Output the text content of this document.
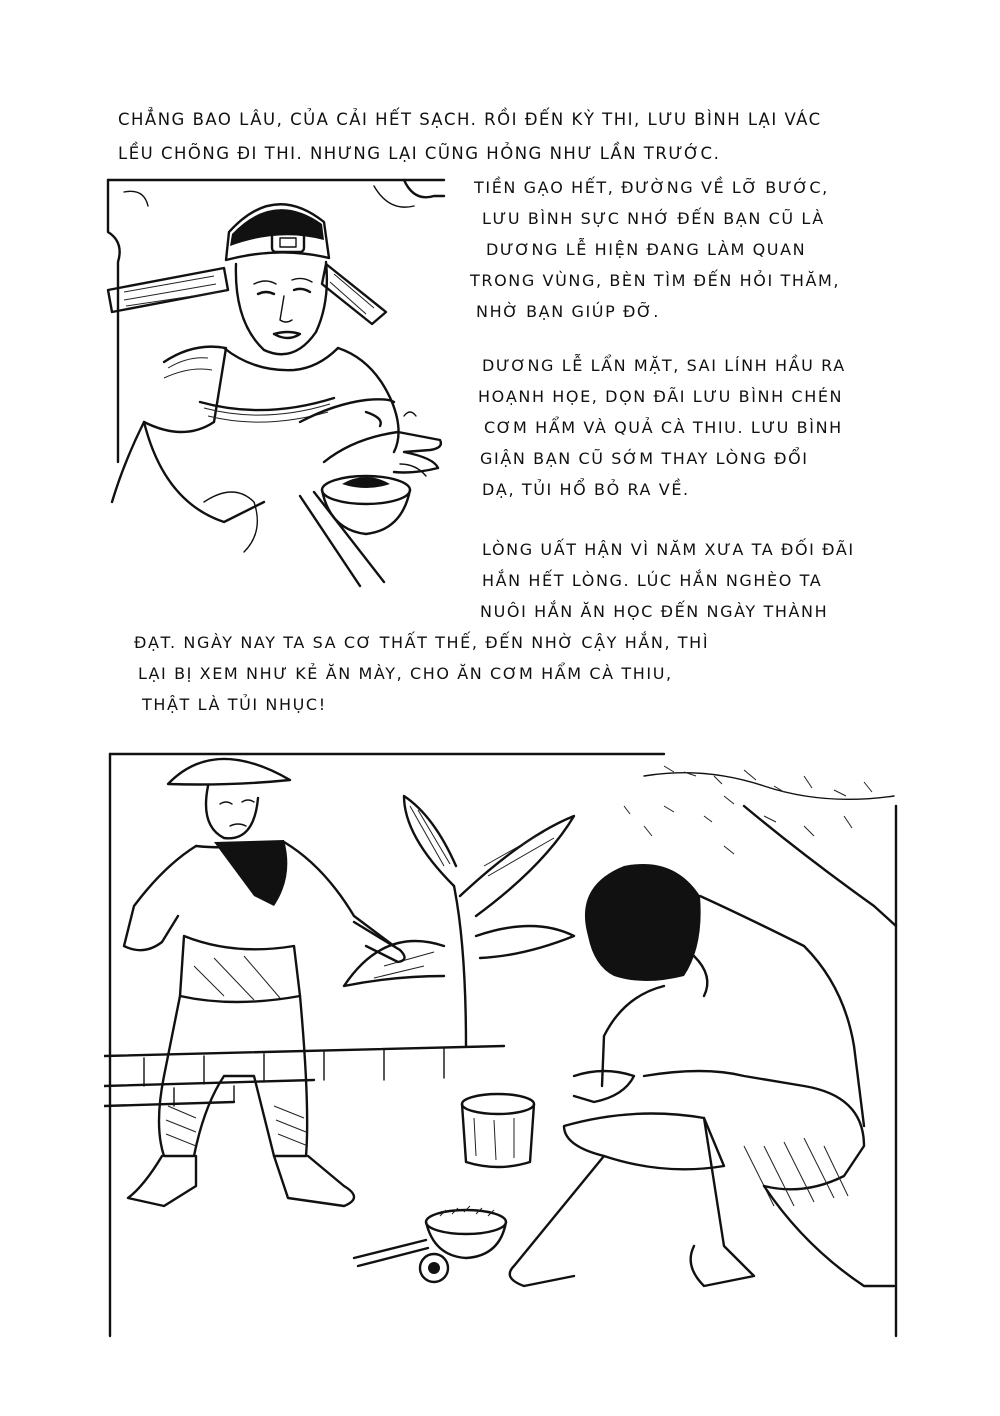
CHẲNG BAO LÂU, CỦA CẢI HẾT SẠCH. RỒI ĐẾN KỲ THI, LƯU BÌNH LẠI VÁC
LỀU CHÕNG ĐI THI. NHƯNG LẠI CŨNG HỎNG NHƯ LẦN TRƯỚC.
TIỀN GẠO HẾT, ĐƯỜNG VỀ LỠ BƯỚC,
LƯU BÌNH SỰC NHỚ ĐẾN BẠN CŨ LÀ
DƯƠNG LỄ HIỆN ĐANG LÀM QUAN
TRONG VÙNG, BÈN TÌM ĐẾN HỎI THĂM,
NHỜ BẠN GIÚP ĐỠ.
DƯƠNG LỄ LẨN MẶT, SAI LÍNH HẦU RA
HOẠNH HỌE, DỌN ĐÃI LƯU BÌNH CHÉN
CƠM HẨM VÀ QUẢ CÀ THIU. LƯU BÌNH
GIẬN BẠN CŨ SỚM THAY LÒNG ĐỔI
DẠ, TỦI HỔ BỎ RA VỀ.
LÒNG UẤT HẬN VÌ NĂM XƯA TA ĐỐI ĐÃI
HẮN HẾT LÒNG. LÚC HẮN NGHÈO TA
NUÔI HẮN ĂN HỌC ĐẾN NGÀY THÀNH
ĐẠT. NGÀY NAY TA SA CƠ THẤT THẾ, ĐẾN NHỜ CẬY HẮN, THÌ
LẠI BỊ XEM NHƯ KẺ ĂN MÀY, CHO ĂN CƠM HẨM CÀ THIU,
THẬT LÀ TỦI NHỤC!
